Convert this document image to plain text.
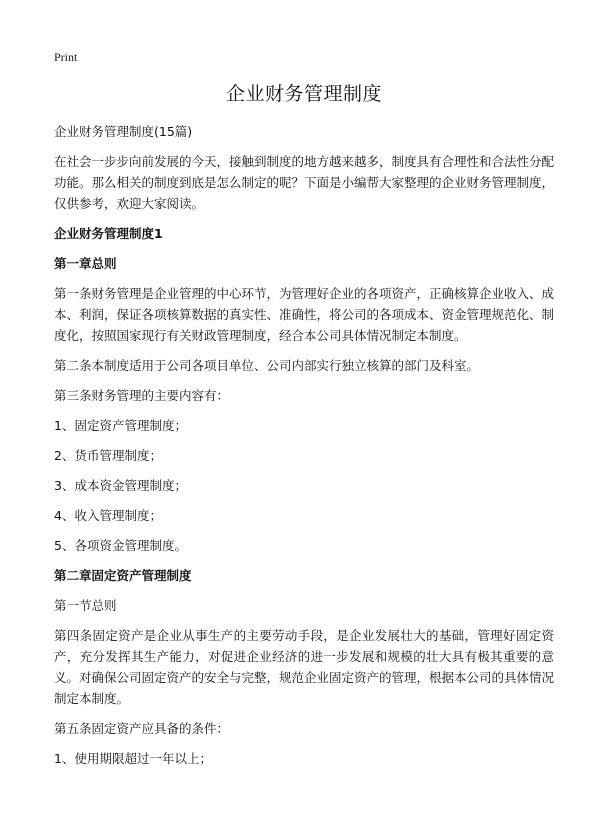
Print
企业财务管理制度
企业财务管理制度(15篇)
在社会一步步向前发展的今天，接触到制度的地方越来越多，制度具有合理性和合法性分配功能。那么相关的制度到底是怎么制定的呢？下面是小编帮大家整理的企业财务管理制度，仅供参考，欢迎大家阅读。
企业财务管理制度1
第一章总则
第一条财务管理是企业管理的中心环节，为管理好企业的各项资产，正确核算企业收入、成本、利润，保证各项核算数据的真实性、准确性，将公司的各项成本、资金管理规范化、制度化，按照国家现行有关财政管理制度，经合本公司具体情况制定本制度。
第二条本制度适用于公司各项目单位、公司内部实行独立核算的部门及科室。
第三条财务管理的主要内容有：
1、固定资产管理制度；
2、货币管理制度；
3、成本资金管理制度；
4、收入管理制度；
5、各项资金管理制度。
第二章固定资产管理制度
第一节总则
第四条固定资产是企业从事生产的主要劳动手段，是企业发展壮大的基础，管理好固定资产，充分发挥其生产能力，对促进企业经济的进一步发展和规模的壮大具有极其重要的意义。对确保公司固定资产的安全与完整，规范企业固定资产的管理，根据本公司的具体情况制定本制度。
第五条固定资产应具备的条件：
1、使用期限超过一年以上；
